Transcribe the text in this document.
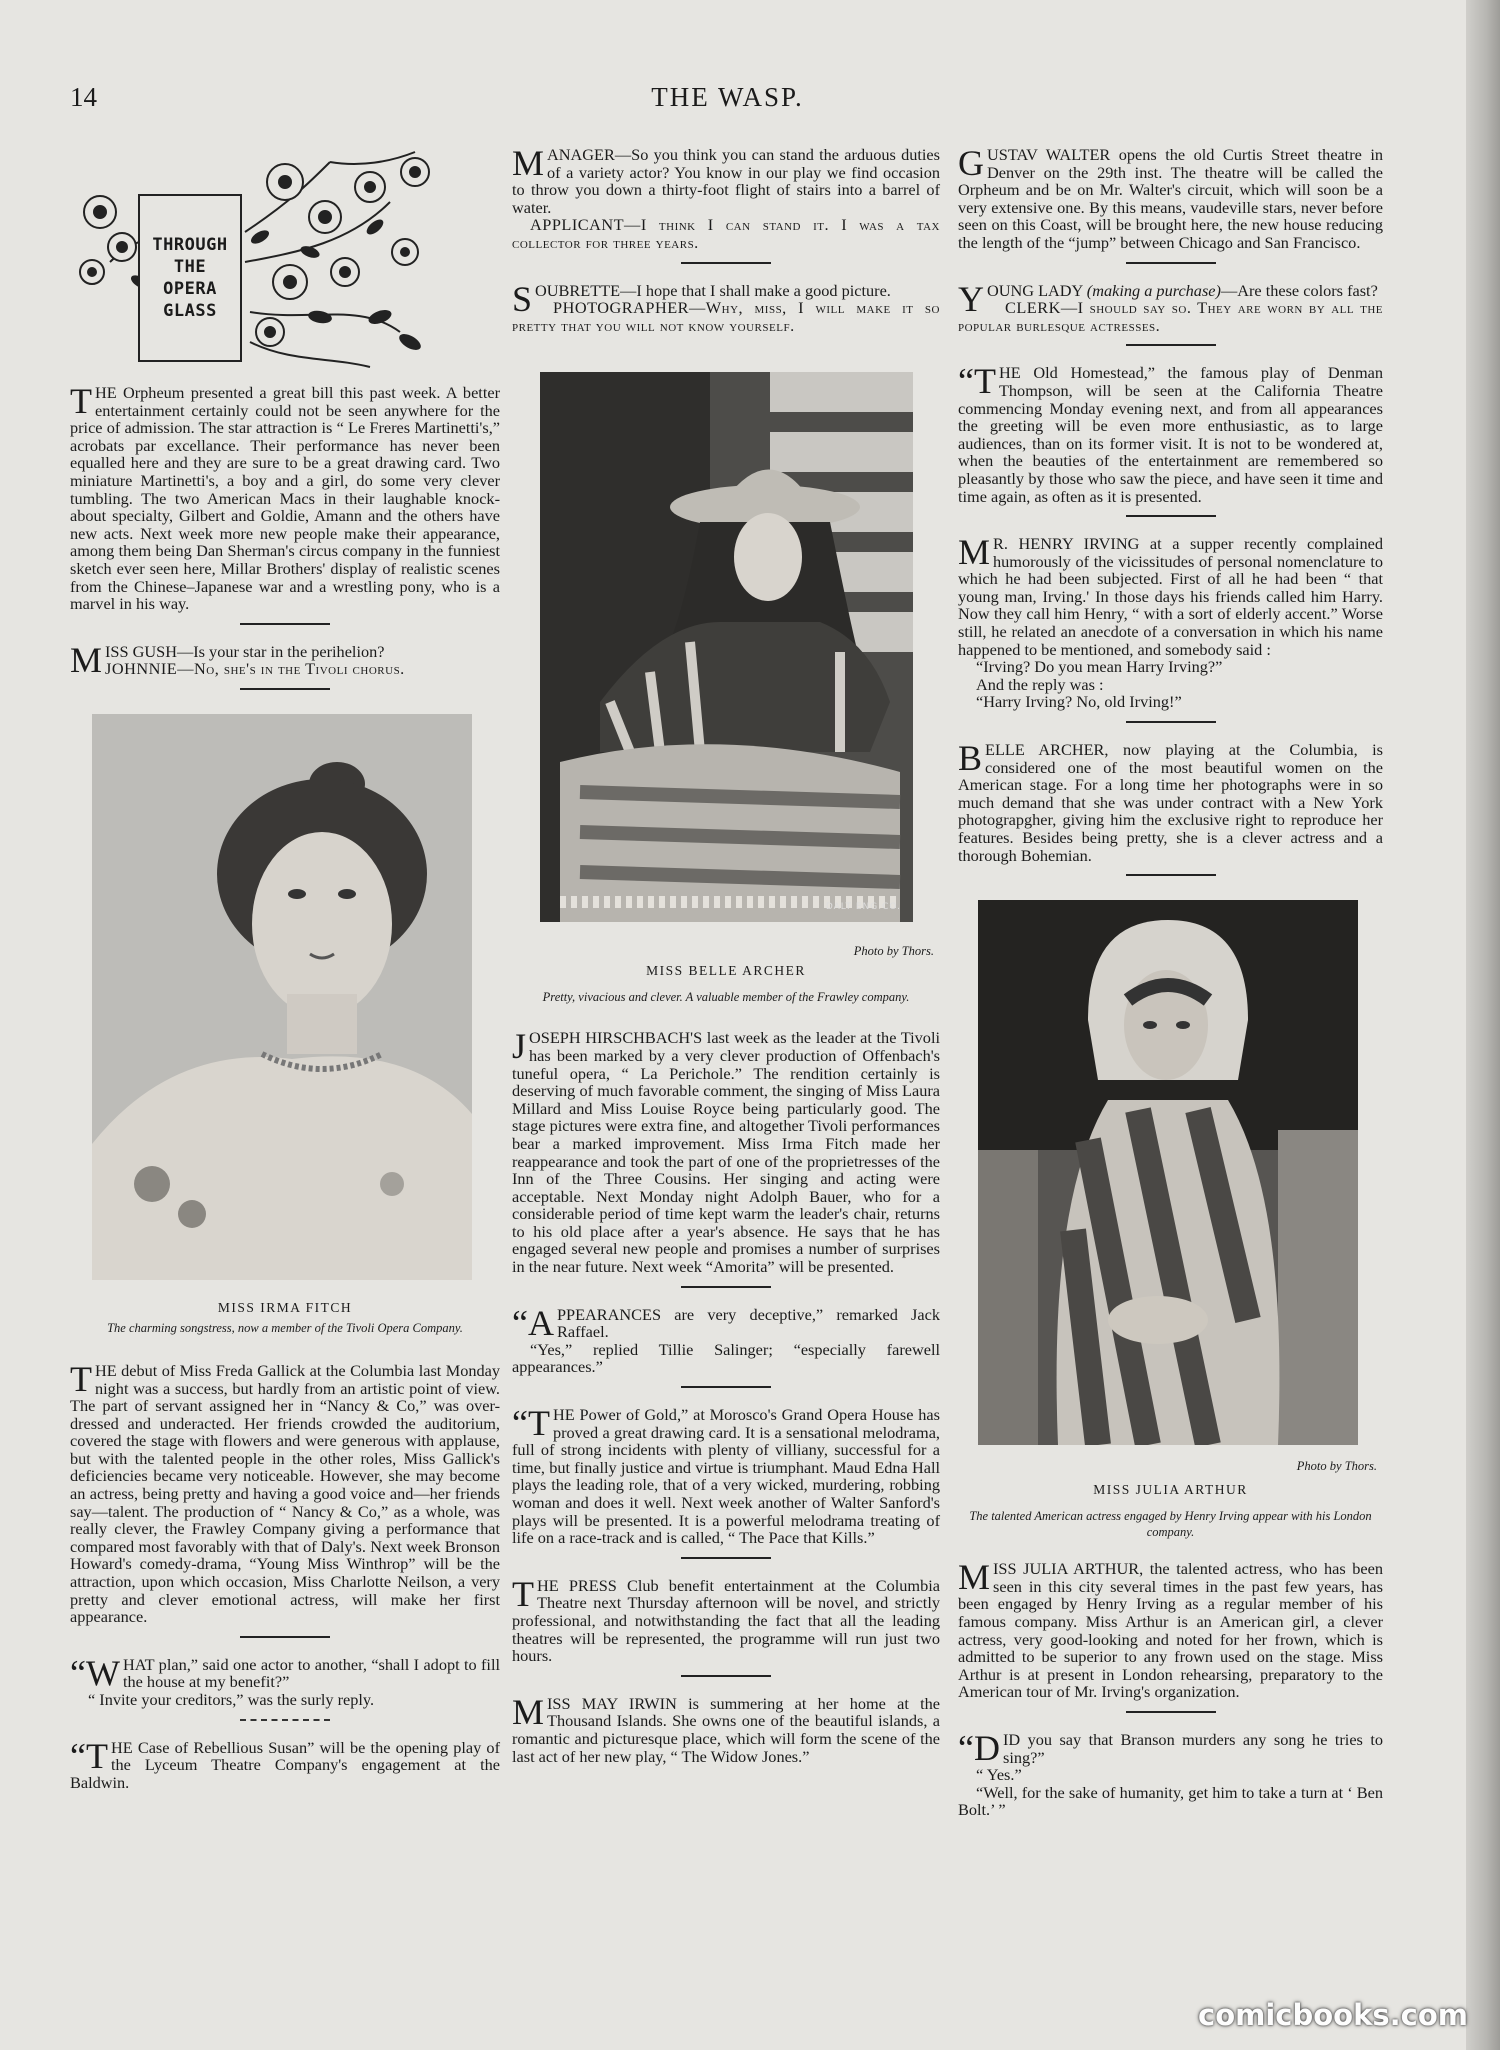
THE WASP.
14
THROUGH
THE
OPERA
GLASS

THE Orpheum presented a great bill this past week. A better entertainment certainly could not be seen anywhere for the price of admission. The star attraction is “ Le Freres Martinetti's,” acrobats par excellance. Their performance has never been equalled here and they are sure to be a great drawing card. Two miniature Martinetti's, a boy and a girl, do some very clever tumbling. The two American Macs in their laughable knock-about specialty, Gilbert and Goldie, Amann and the others have new acts. Next week more new people make their appearance, among them being Dan Sherman's circus company in the funniest sketch ever seen here, Millar Brothers' display of realistic scenes from the Chinese–Japanese war and a wrestling pony, who is a marvel in his way.

MISS GUSH—Is your star in the perihelion?

JOHNNIE—No, she's in the Tivoli chorus.

MISS IRMA FITCH
The charming songstress, now a member of the Tivoli Opera Company.

THE debut of Miss Freda Gallick at the Columbia last Monday night was a success, but hardly from an artistic point of view. The part of servant assigned her in “Nancy & Co,” was over-dressed and underacted. Her friends crowded the auditorium, covered the stage with flowers and were generous with applause, but with the talented people in the other roles, Miss Gallick's deficiencies became very noticeable. However, she may become an actress, being pretty and having a good voice and—her friends say—talent. The production of “ Nancy & Co,” as a whole, was really clever, the Frawley Company giving a performance that compared most favorably with that of Daly's. Next week Bronson Howard's comedy-drama, “Young Miss Winthrop” will be the attraction, upon which occasion, Miss Charlotte Neilson, a very pretty and clever emotional actress, will make her first appearance.

“WHAT plan,” said one actor to another, “shall I adopt to fill the house at my benefit?”

“ Invite your creditors,” was the surly reply.

“THE Case of Rebellious Susan” will be the opening play of the Lyceum Theatre Company's engagement at the Baldwin.

MANAGER—So you think you can stand the arduous duties of a variety actor? You know in our play we find occasion to throw you down a thirty-foot flight of stairs into a barrel of water.

APPLICANT—I think I can stand it. I was a tax collector for three years.

SOUBRETTE—I hope that I shall make a good picture.

PHOTOGRAPHER—Why, miss, I will make it so pretty that you will not know yourself.

DALT ENG.CO.
Photo by Thors.
MISS BELLE ARCHER
Pretty, vivacious and clever. A valuable member of the Frawley company.

JOSEPH HIRSCHBACH'S last week as the leader at the Tivoli has been marked by a very clever production of Offenbach's tuneful opera, “ La Perichole.” The rendition certainly is deserving of much favorable comment, the singing of Miss Laura Millard and Miss Louise Royce being particularly good. The stage pictures were extra fine, and altogether Tivoli performances bear a marked improvement. Miss Irma Fitch made her reappearance and took the part of one of the proprietresses of the Inn of the Three Cousins. Her singing and acting were acceptable. Next Monday night Adolph Bauer, who for a considerable period of time kept warm the leader's chair, returns to his old place after a year's absence. He says that he has engaged several new people and promises a number of surprises in the near future. Next week “Amorita” will be presented.

“APPEARANCES are very deceptive,” remarked Jack Raffael.

“Yes,” replied Tillie Salinger; “especially farewell appearances.”

“THE Power of Gold,” at Morosco's Grand Opera House has proved a great drawing card. It is a sensational melodrama, full of strong incidents with plenty of villiany, successful for a time, but finally justice and virtue is triumphant. Maud Edna Hall plays the leading role, that of a very wicked, murdering, robbing woman and does it well. Next week another of Walter Sanford's plays will be presented. It is a powerful melodrama treating of life on a race-track and is called, “ The Pace that Kills.”

THE PRESS Club benefit entertainment at the Columbia Theatre next Thursday afternoon will be novel, and strictly professional, and notwithstanding the fact that all the leading theatres will be represented, the programme will run just two hours.

MISS MAY IRWIN is summering at her home at the Thousand Islands. She owns one of the beautiful islands, a romantic and picturesque place, which will form the scene of the last act of her new play, “ The Widow Jones.”

GUSTAV WALTER opens the old Curtis Street theatre in Denver on the 29th inst. The theatre will be called the Orpheum and be on Mr. Walter's circuit, which will soon be a very extensive one. By this means, vaudeville stars, never before seen on this Coast, will be brought here, the new house reducing the length of the “jump” between Chicago and San Francisco.

YOUNG LADY (making a purchase)—Are these colors fast?

CLERK—I should say so. They are worn by all the popular burlesque actresses.

“THE Old Homestead,” the famous play of Denman Thompson, will be seen at the California Theatre commencing Monday evening next, and from all appearances the greeting will be even more enthusiastic, as to large audiences, than on its former visit. It is not to be wondered at, when the beauties of the entertainment are remembered so pleasantly by those who saw the piece, and have seen it time and time again, as often as it is presented.

M R. HENRY IRVING at a supper recently complained humorously of the vicissitudes of personal nomenclature to which he had been subjected. First of all he had been “ that young man, Irving.' In those days his friends called him Harry. Now they call him Henry, “ with a sort of elderly accent.” Worse still, he related an anecdote of a conversation in which his name happened to be mentioned, and somebody said :

“Irving? Do you mean Harry Irving?”

And the reply was :

“Harry Irving? No, old Irving!”

BELLE ARCHER, now playing at the Columbia, is considered one of the most beautiful women on the American stage. For a long time her photographs were in so much demand that she was under contract with a New York photograpgher, giving him the exclusive right to reproduce her features. Besides being pretty, she is a clever actress and a thorough Bohemian.

Photo by Thors.
MISS JULIA ARTHUR
The talented American actress engaged by Henry Irving appear with his London company.

MISS JULIA ARTHUR, the talented actress, who has been seen in this city several times in the past few years, has been engaged by Henry Irving as a regular member of his famous company. Miss Arthur is an American girl, a clever actress, very good-looking and noted for her frown, which is admitted to be superior to any frown used on the stage. Miss Arthur is at present in London rehearsing, preparatory to the American tour of Mr. Irving's organization.

“DID you say that Branson murders any song he tries to sing?”

“ Yes.”

“Well, for the sake of humanity, get him to take a turn at ‘ Ben Bolt.’ ”

comicbooks.com
